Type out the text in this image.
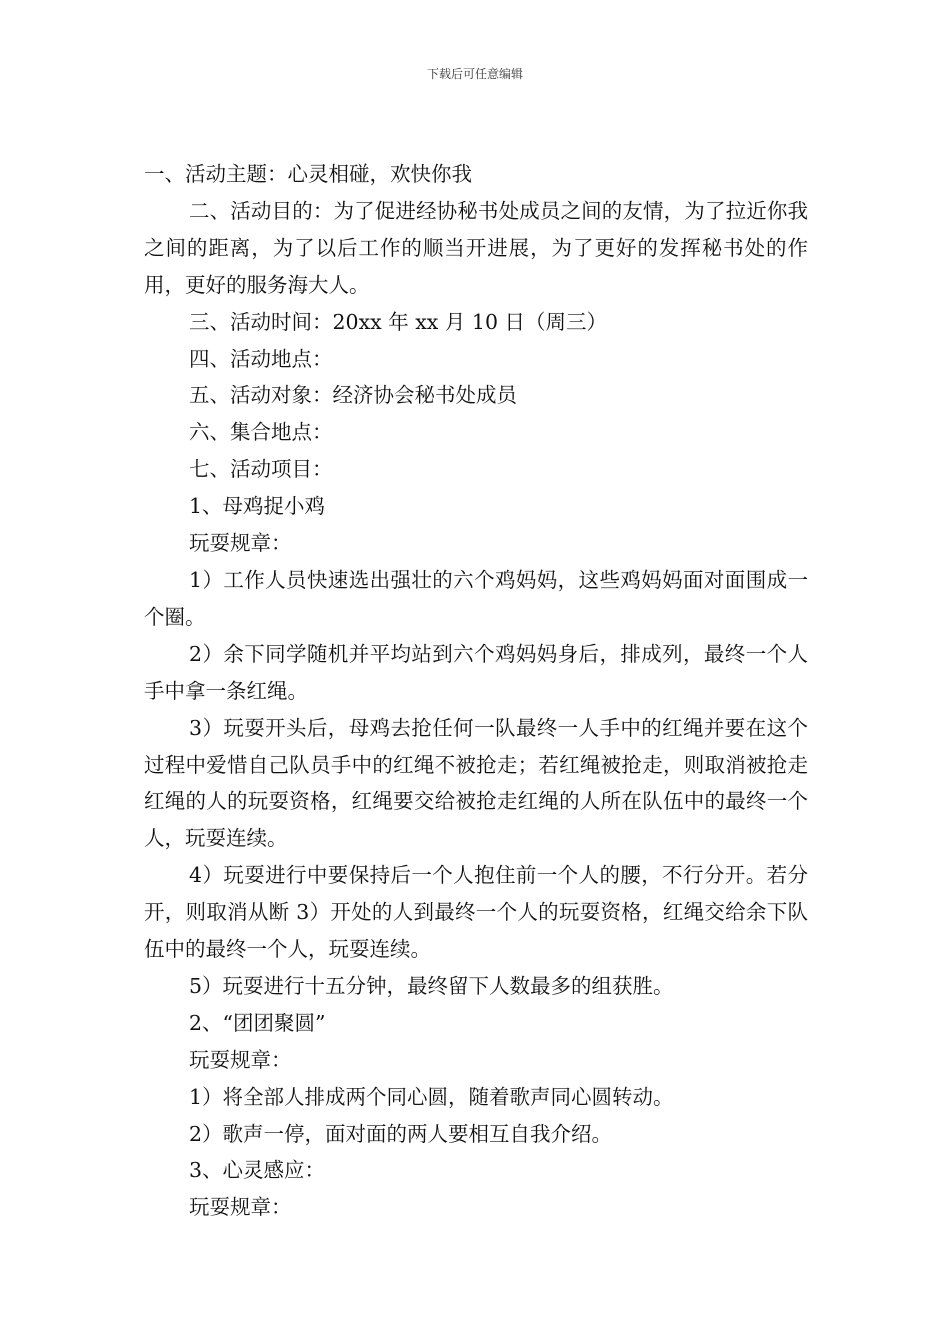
下载后可任意编辑

一、活动主题：心灵相碰，欢快你我

二、活动目的：为了促进经协秘书处成员之间的友情，为了拉近你我之间的距离，为了以后工作的顺当开进展，为了更好的发挥秘书处的作用，更好的服务海大人。

三、活动时间：20xx 年 xx 月 10 日（周三）

四、活动地点：

五、活动对象：经济协会秘书处成员

六、集合地点：

七、活动项目：

1、母鸡捉小鸡

玩耍规章：

1）工作人员快速选出强壮的六个鸡妈妈，这些鸡妈妈面对面围成一个圈。

2）余下同学随机并平均站到六个鸡妈妈身后，排成列，最终一个人手中拿一条红绳。

3）玩耍开头后，母鸡去抢任何一队最终一人手中的红绳并要在这个过程中爱惜自己队员手中的红绳不被抢走；若红绳被抢走，则取消被抢走红绳的人的玩耍资格，红绳要交给被抢走红绳的人所在队伍中的最终一个人，玩耍连续。

4）玩耍进行中要保持后一个人抱住前一个人的腰，不行分开。若分开，则取消从断 3）开处的人到最终一个人的玩耍资格，红绳交给余下队伍中的最终一个人，玩耍连续。

5）玩耍进行十五分钟，最终留下人数最多的组获胜。

2、“团团聚圆”

玩耍规章：

1）将全部人排成两个同心圆，随着歌声同心圆转动。

2）歌声一停，面对面的两人要相互自我介绍。

3、心灵感应：

玩耍规章：
